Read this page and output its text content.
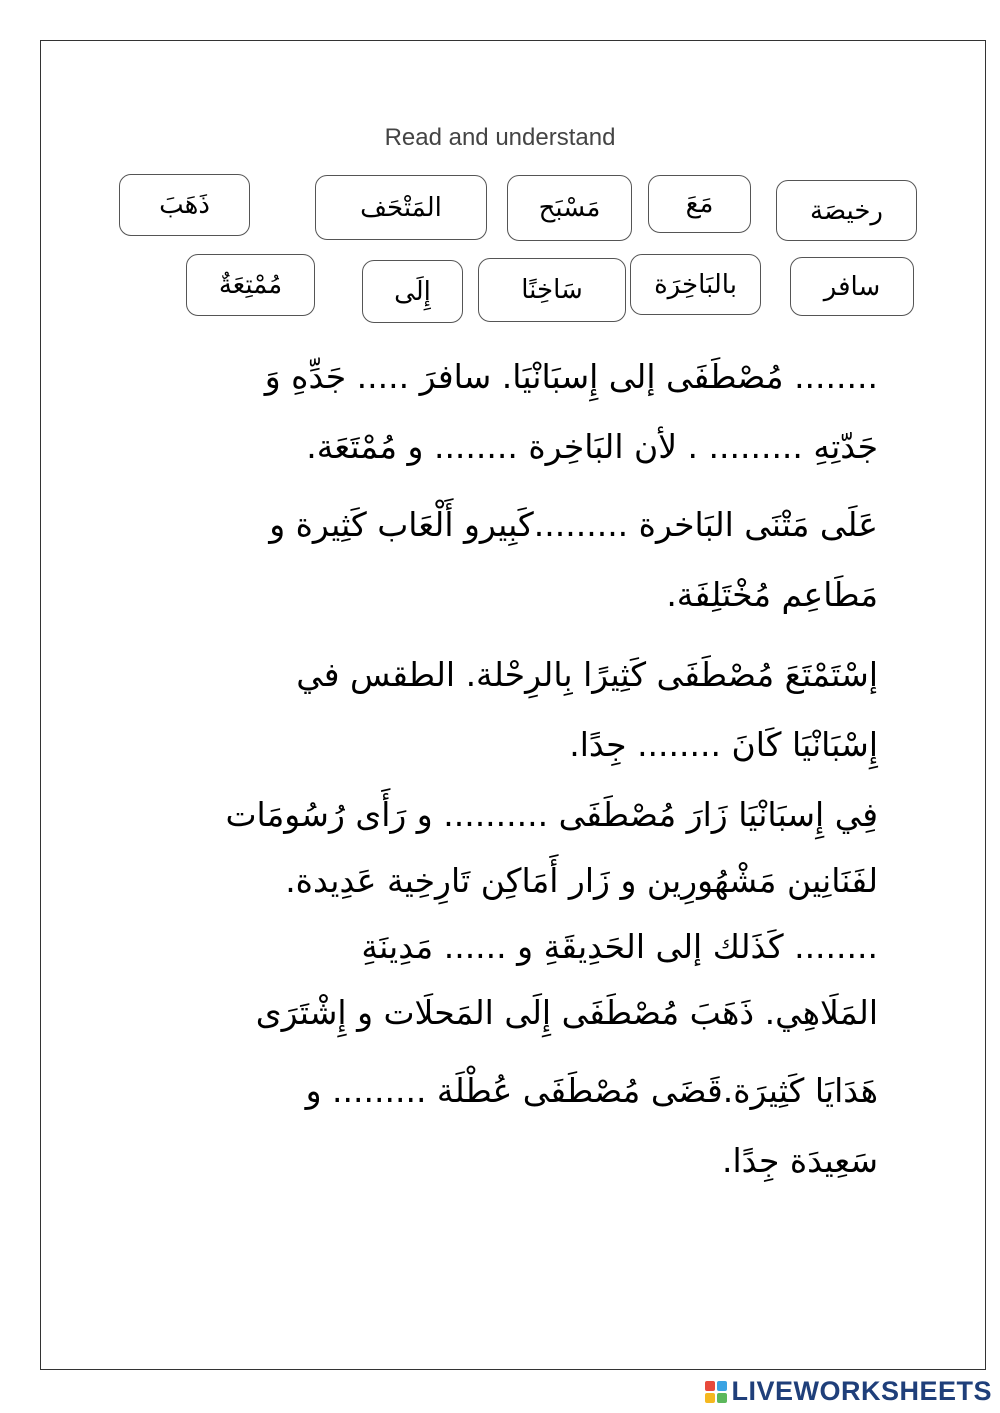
Read and understand
رخيصَة
مَعَ
مَسْبَح
المَتْحَف
ذَهَبَ
سافر
بالبَاخِرَة
سَاخِنًا
إِلَى
مُمْتِعَةٌ
........ مُصْطَفَى إلى إِسبَانْيَا. سافرَ ..... جَدِّهِ وَ
جَدّتِهِ ......... . لأن البَاخِرة ........ و مُمْتَعَة.
عَلَى مَتْنَى البَاخرة .........كَبِيرو أَلْعَاب كَثِيرة و
مَطَاعِم مُخْتَلِفَة.
إسْتَمْتَعَ مُصْطَفَى كَثِيرًا بِالرِحْلة. الطقس في
إِسْبَانْيَا كَانَ ........ جِدًا.
فِي إِسبَانْيَا زَارَ مُصْطَفَى .......... و رَأَى رُسُومَات
لفَنَانِين مَشْهُورِين و زَار أَمَاكِن تَارِخِية عَدِيدة.
........ كَذَلك إلى الحَدِيقَةِ و ...... مَدِينَةِ
المَلَاهِي. ذَهَبَ مُصْطَفَى إِلَى المَحلَات و إِشْتَرَى
هَدَايَا كَثِيرَة.قَضَى مُصْطَفَى عُطْلَة ......... و
سَعِيدَة جِدًا.
LIVEWORKSHEETS
